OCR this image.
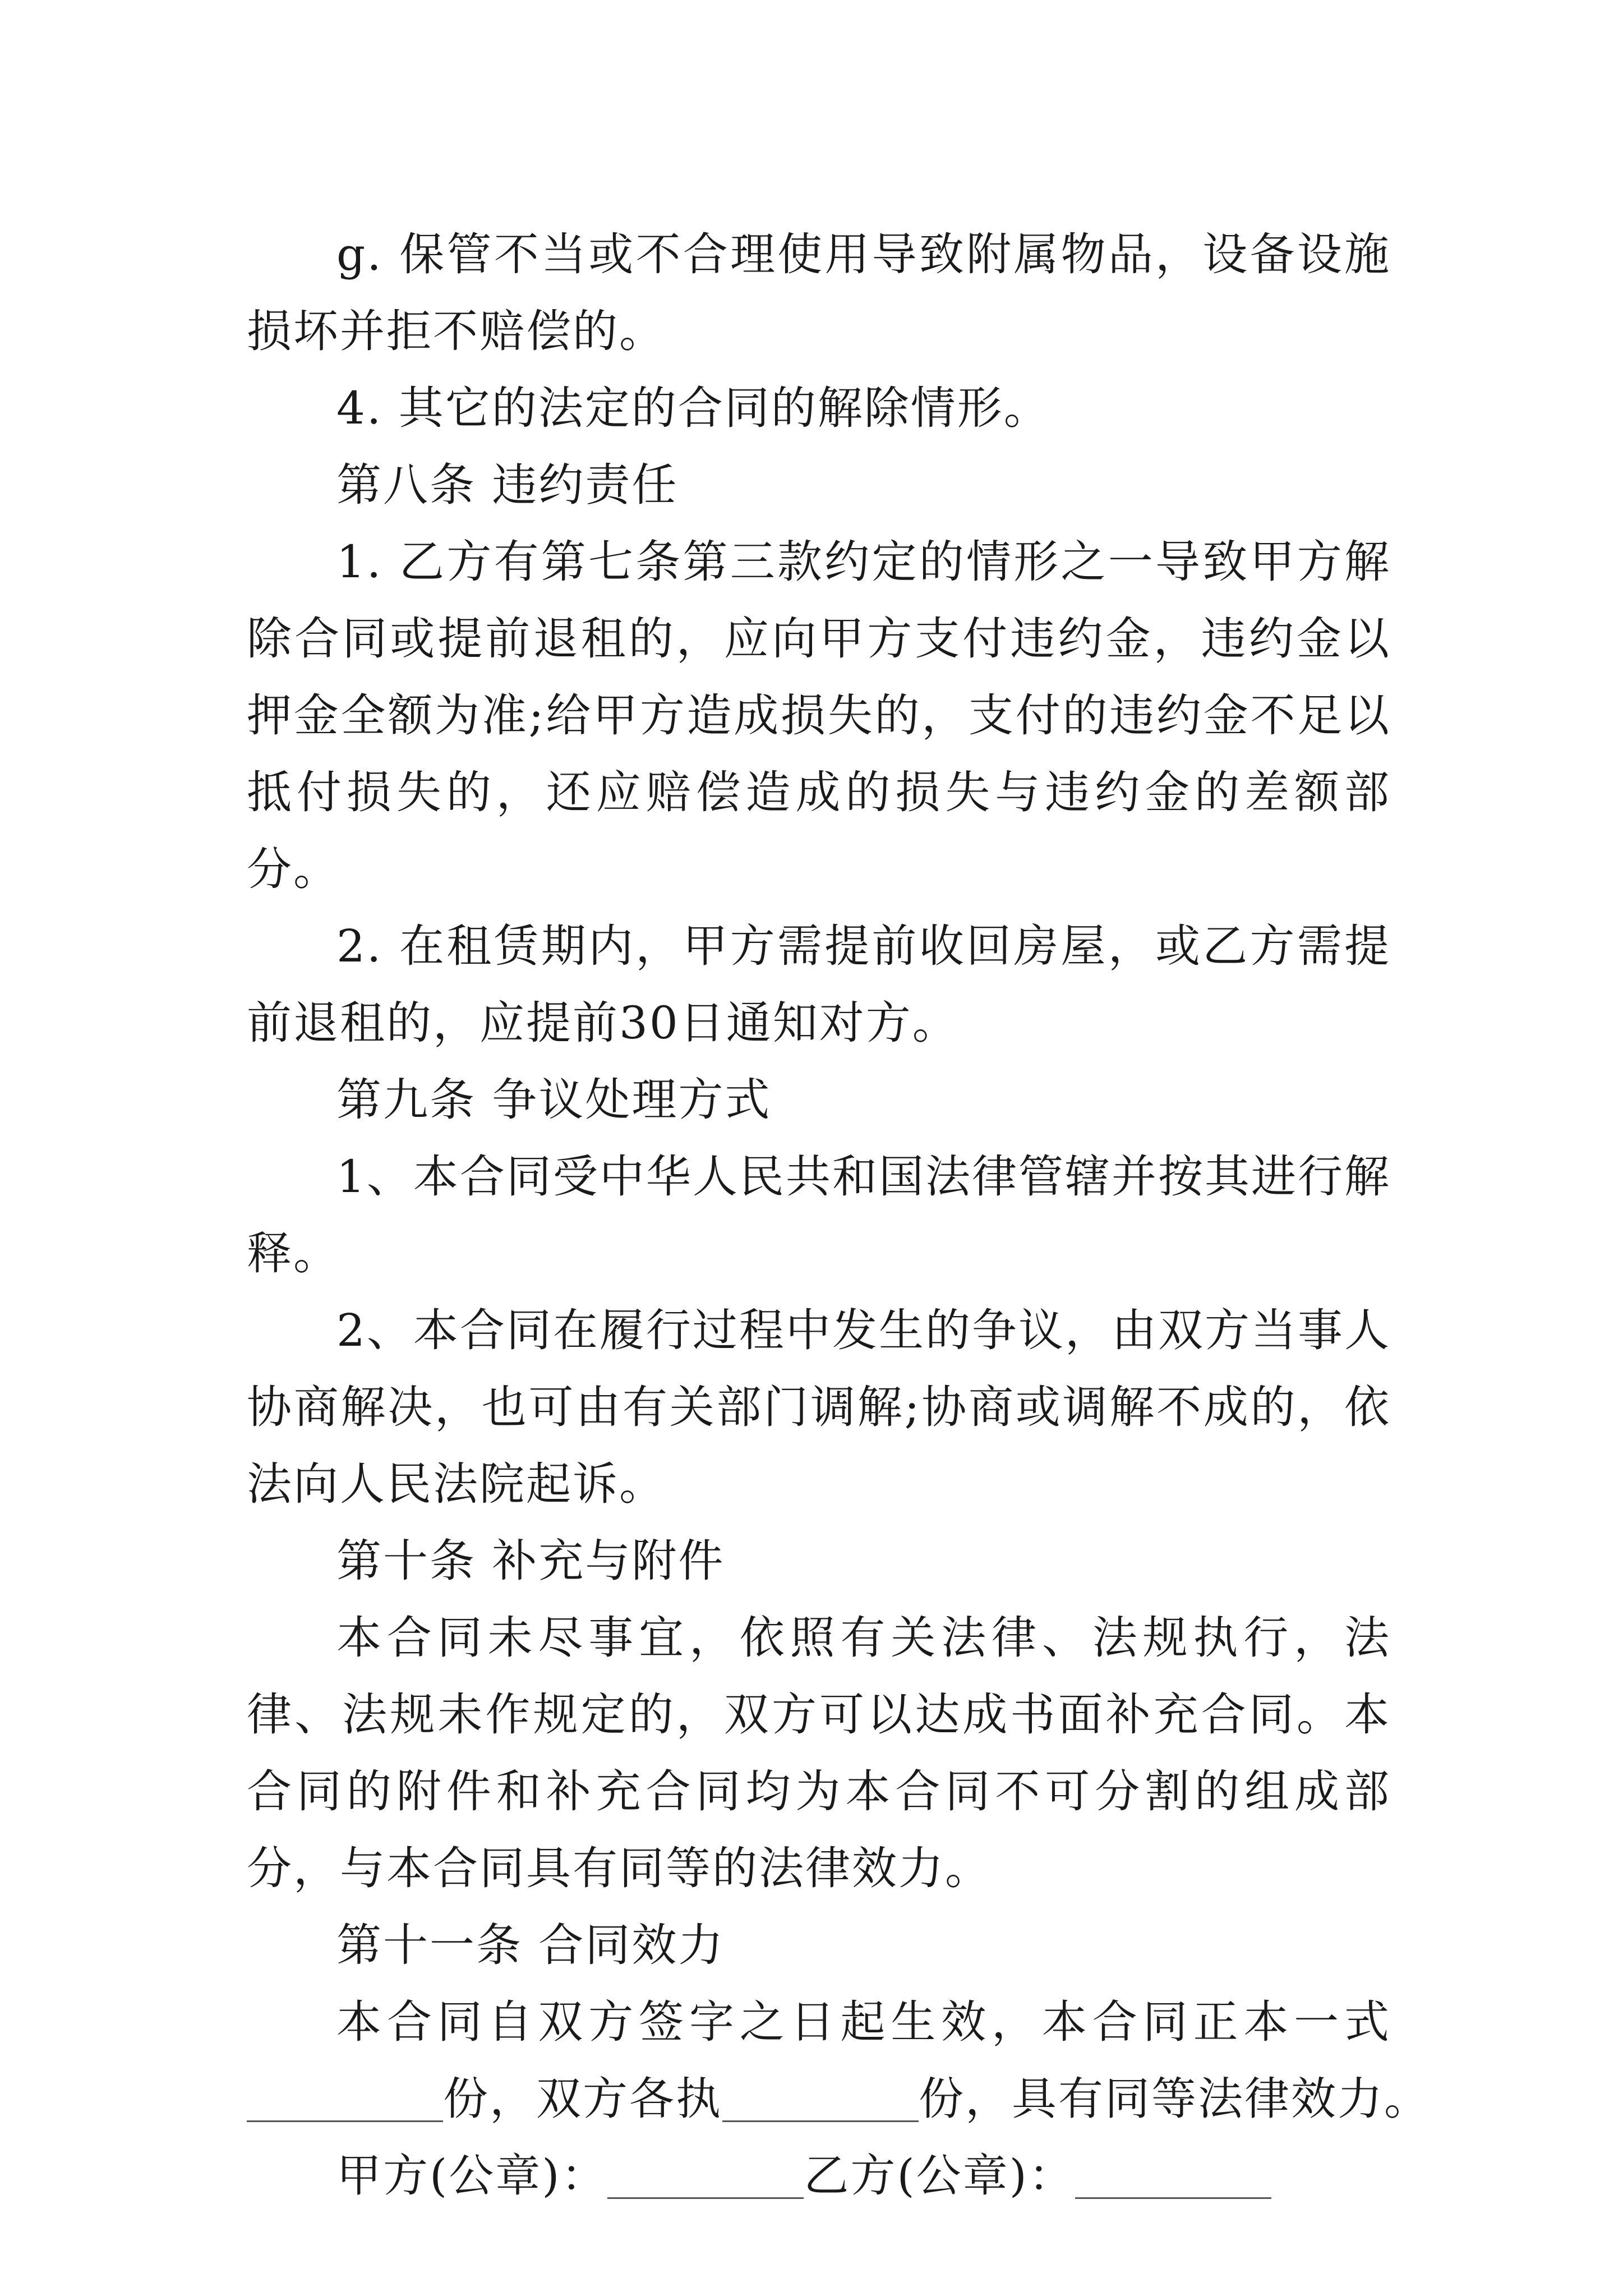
g. 保管不当或不合理使用导致附属物品，设备设施损坏并拒不赔偿的。

4. 其它的法定的合同的解除情形。

第八条 违约责任

1. 乙方有第七条第三款约定的情形之一导致甲方解除合同或提前退租的，应向甲方支付违约金，违约金以押金全额为准;给甲方造成损失的，支付的违约金不足以抵付损失的，还应赔偿造成的损失与违约金的差额部分。

2. 在租赁期内，甲方需提前收回房屋，或乙方需提前退租的，应提前30日通知对方。

第九条 争议处理方式

1、本合同受中华人民共和国法律管辖并按其进行解释。

2、本合同在履行过程中发生的争议，由双方当事人协商解决，也可由有关部门调解;协商或调解不成的，依法向人民法院起诉。

第十条 补充与附件

本合同未尽事宜，依照有关法律、法规执行，法律、法规未作规定的，双方可以达成书面补充合同。本合同的附件和补充合同均为本合同不可分割的组成部分，与本合同具有同等的法律效力。

第十一条 合同效力

本合同自双方签字之日起生效，本合同正本一式

份，双方各执	份，具有同等法律效力。

甲方(公章)：	乙方(公章)：
